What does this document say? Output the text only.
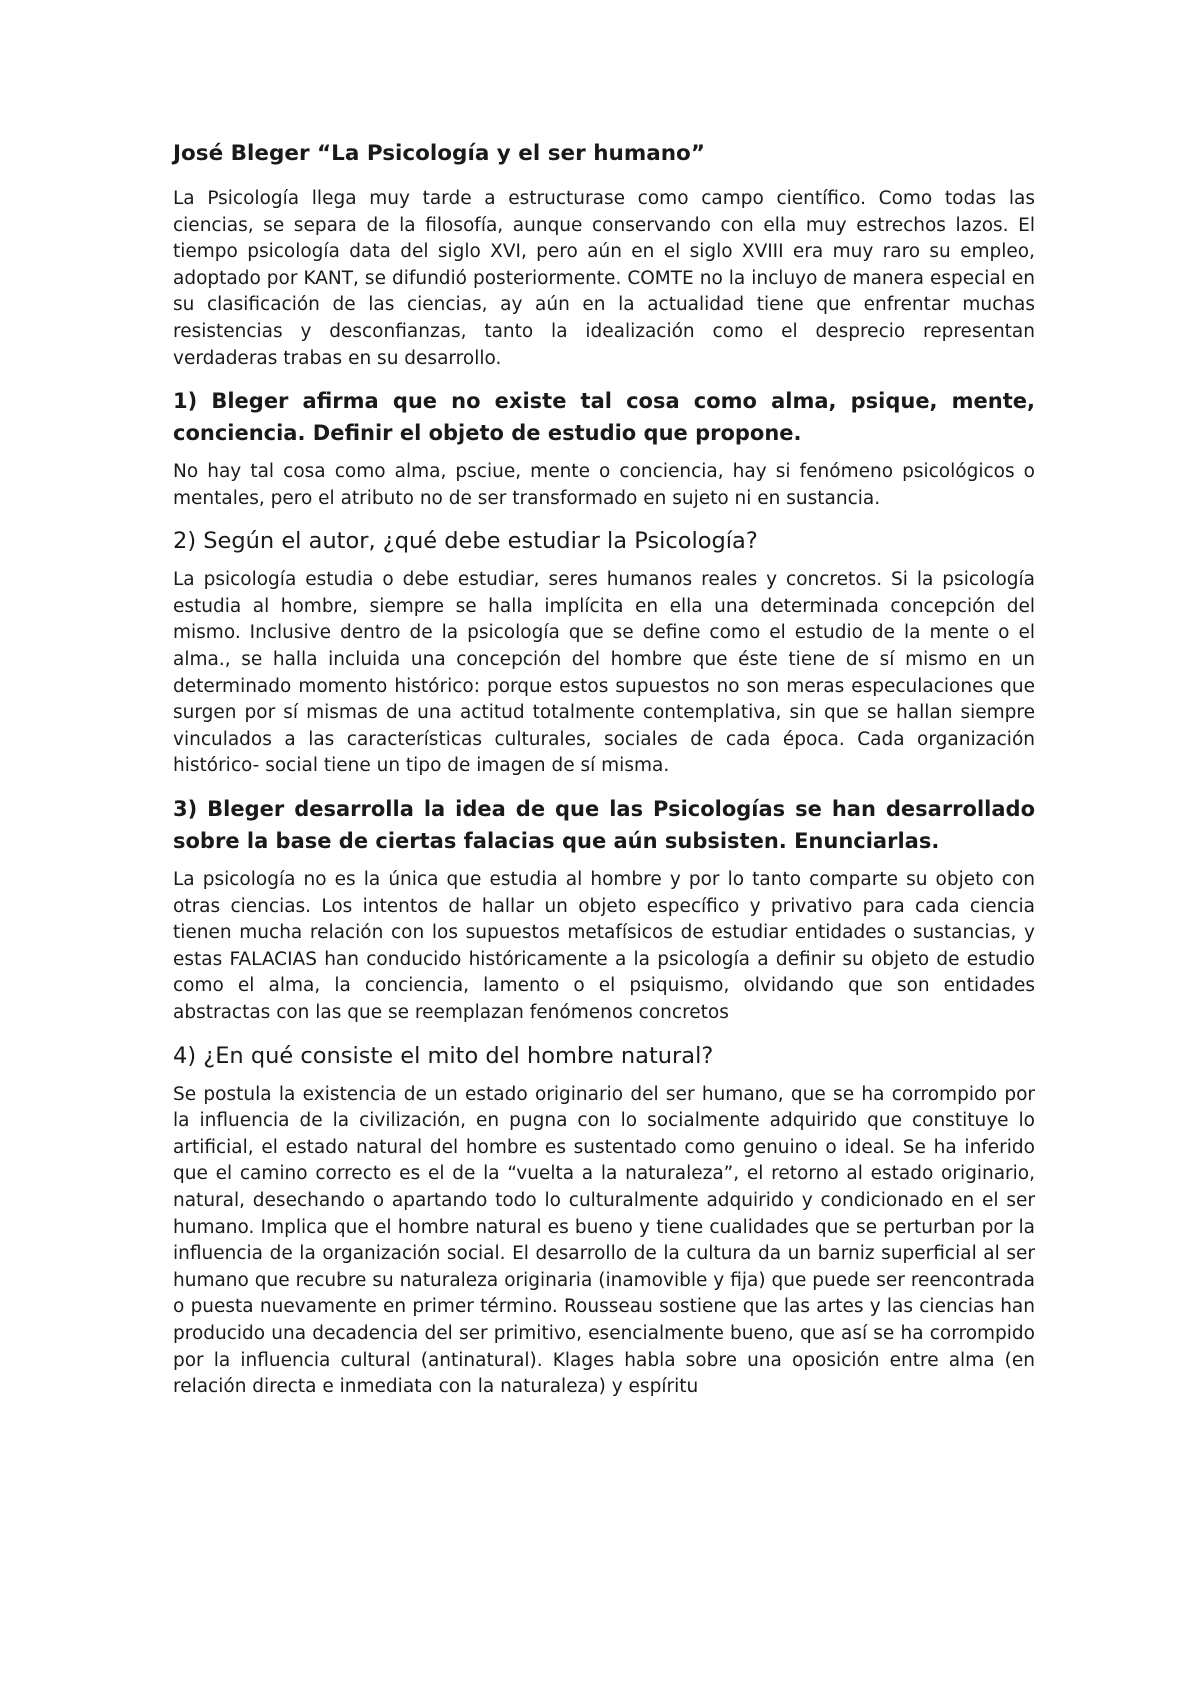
José Bleger “La Psicología y el ser humano”

La Psicología llega muy tarde a estructurase como campo científico. Como todas las ciencias, se separa de la filosofía, aunque conservando con ella muy estrechos lazos. El tiempo psicología data del siglo XVI, pero aún en el siglo XVIII era muy raro su empleo, adoptado por KANT, se difundió posteriormente. COMTE no la incluyo de manera especial en su clasificación de las ciencias, ay aún en la actualidad tiene que enfrentar muchas resistencias y desconfianzas, tanto la idealización como el desprecio representan verdaderas trabas en su desarrollo.

1) Bleger afirma que no existe tal cosa como alma, psique, mente, conciencia. Definir el objeto de estudio que propone.

No hay tal cosa como alma, psciue, mente o conciencia, hay si fenómeno psicológicos o mentales, pero el atributo no de ser transformado en sujeto ni en sustancia.

2) Según el autor, ¿qué debe estudiar la Psicología?

La psicología estudia o debe estudiar, seres humanos reales y concretos. Si la psicología estudia al hombre, siempre se halla implícita en ella una determinada concepción del mismo. Inclusive dentro de la psicología que se define como el estudio de la mente o el alma., se halla incluida una concepción del hombre que éste tiene de sí mismo en un determinado momento histórico: porque estos supuestos no son meras especulaciones que surgen por sí mismas de una actitud totalmente contemplativa, sin que se hallan siempre vinculados a las características culturales, sociales de cada época. Cada organización histórico- social tiene un tipo de imagen de sí misma.

3) Bleger desarrolla la idea de que las Psicologías se han desarrollado sobre la base de ciertas falacias que aún subsisten. Enunciarlas.

La psicología no es la única que estudia al hombre y por lo tanto comparte su objeto con otras ciencias. Los intentos de hallar un objeto específico y privativo para cada ciencia tienen mucha relación con los supuestos metafísicos de estudiar entidades o sustancias, y estas FALACIAS han conducido históricamente a la psicología a definir su objeto de estudio como el alma, la conciencia, lamento o el psiquismo, olvidando que son entidades abstractas con las que se reemplazan fenómenos concretos

4) ¿En qué consiste el mito del hombre natural?

Se postula la existencia de un estado originario del ser humano, que se ha corrompido por la influencia de la civilización, en pugna con lo socialmente adquirido que constituye lo artificial, el estado natural del hombre es sustentado como genuino o ideal. Se ha inferido que el camino correcto es el de la “vuelta a la naturaleza”, el retorno al estado originario, natural, desechando o apartando todo lo culturalmente adquirido y condicionado en el ser humano. Implica que el hombre natural es bueno y tiene cualidades que se perturban por la influencia de la organización social. El desarrollo de la cultura da un barniz superficial al ser humano que recubre su naturaleza originaria (inamovible y fija) que puede ser reencontrada o puesta nuevamente en primer término. Rousseau sostiene que las artes y las ciencias han producido una decadencia del ser primitivo, esencialmente bueno, que así se ha corrompido por la influencia cultural (antinatural). Klages habla sobre una oposición entre alma (en relación directa e inmediata con la naturaleza) y espíritu
